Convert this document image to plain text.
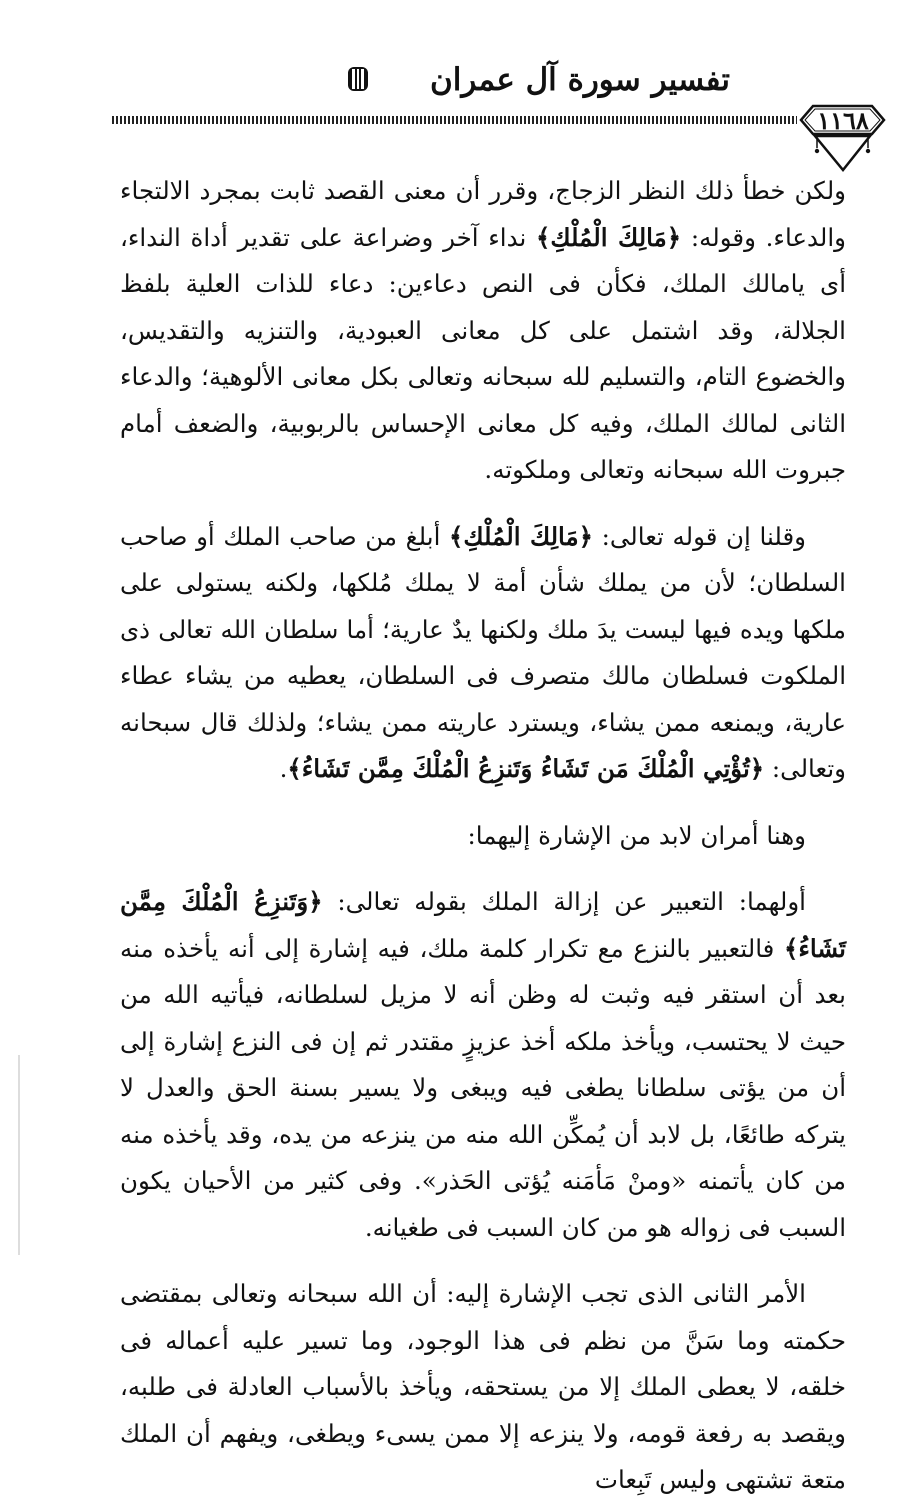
تفسير سورة آل عمران
١١٦٨

ولكن خطأ ذلك النظر الزجاج، وقرر أن معنى القصد ثابت بمجرد الالتجاء والدعاء. وقوله: ﴿مَالِكَ الْمُلْكِ﴾ نداء آخر وضراعة على تقدير أداة النداء، أى يامالك الملك، فكأن فى النص دعاءين: دعاء للذات العلية بلفظ الجلالة، وقد اشتمل على كل معانى العبودية، والتنزيه والتقديس، والخضوع التام، والتسليم لله سبحانه وتعالى بكل معانى الألوهية؛ والدعاء الثانى لمالك الملك، وفيه كل معانى الإحساس بالربوبية، والضعف أمام جبروت الله سبحانه وتعالى وملكوته.

وقلنا إن قوله تعالى: ﴿مَالِكَ الْمُلْكِ﴾ أبلغ من صاحب الملك أو صاحب السلطان؛ لأن من يملك شأن أمة لا يملك مُلكها، ولكنه يستولى على ملكها ويده فيها ليست يدَ ملك ولكنها يدٌ عارية؛ أما سلطان الله تعالى ذى الملكوت فسلطان مالك متصرف فى السلطان، يعطيه من يشاء عطاء عارية، ويمنعه ممن يشاء، ويسترد عاريته ممن يشاء؛ ولذلك قال سبحانه وتعالى: ﴿تُؤْتِي الْمُلْكَ مَن تَشَاءُ وَتَنزِعُ الْمُلْكَ مِمَّن تَشَاءُ﴾.

وهنا أمران لابد من الإشارة إليهما:

أولهما: التعبير عن إزالة الملك بقوله تعالى: ﴿وَتَنزِعُ الْمُلْكَ مِمَّن تَشَاءُ﴾ فالتعبير بالنزع مع تكرار كلمة ملك، فيه إشارة إلى أنه يأخذه منه بعد أن استقر فيه وثبت له وظن أنه لا مزيل لسلطانه، فيأتيه الله من حيث لا يحتسب، ويأخذ ملكه أخذ عزيزٍ مقتدر ثم إن فى النزع إشارة إلى أن من يؤتى سلطانا يطغى فيه ويبغى ولا يسير بسنة الحق والعدل لا يتركه طائعًا، بل لابد أن يُمكِّن الله منه من ينزعه من يده، وقد يأخذه منه من كان يأتمنه «ومنْ مَأمَنه يُؤتى الحَذر». وفى كثير من الأحيان يكون السبب فى زواله هو من كان السبب فى طغيانه.

الأمر الثانى الذى تجب الإشارة إليه: أن الله سبحانه وتعالى بمقتضى حكمته وما سَنَّ من نظم فى هذا الوجود، وما تسير عليه أعماله فى خلقه، لا يعطى الملك إلا من يستحقه، ويأخذ بالأسباب العادلة فى طلبه، ويقصد به رفعة قومه، ولا ينزعه إلا ممن يسىء ويطغى، ويفهم أن الملك متعة تشتهى وليس تَبِعات
